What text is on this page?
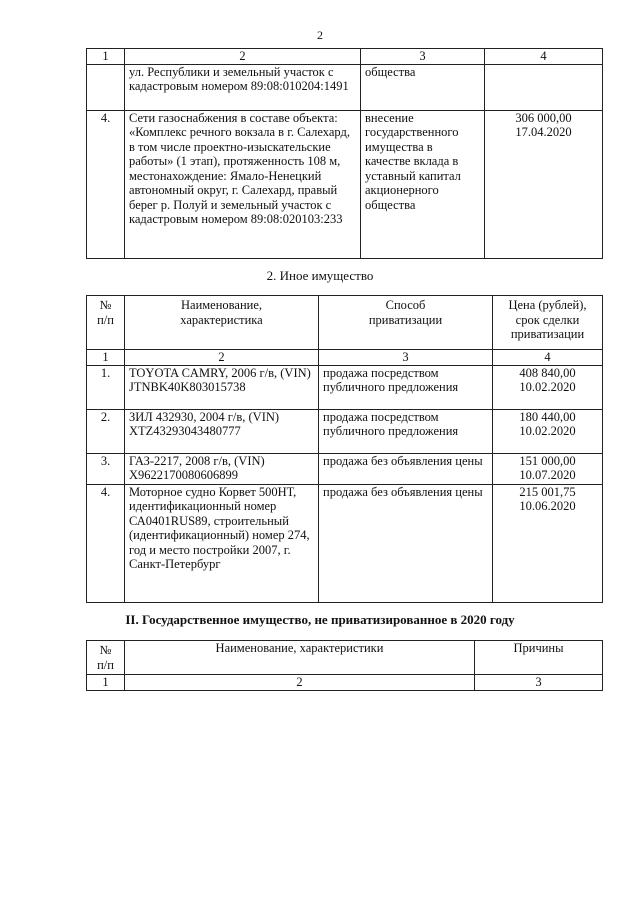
2
1	2	3	4
	ул. Республики и земельный участок с кадастровым номером 89:08:010204:1491	общества	
4.	Сети газоснабжения в составе объекта: «Комплекс речного вокзала в г. Салехард, в том числе проектно-изыскательские работы» (1 этап), протяженность 108 м, местонахождение: Ямало-Ненецкий автономный округ, г. Салехард, правый берег р. Полуй и земельный участок с кадастровым номером 89:08:020103:233	внесение государственного имущества в качестве вклада в уставный капитал акционерного общества	306 000,00
17.04.2020
2. Иное имущество
№ п/п	Наименование, характеристика	Способ приватизации	Цена (рублей), срок сделки приватизации
1	2	3	4
1.	TOYOTA CAMRY, 2006 г/в, (VIN) JTNBK40K803015738	продажа посредством публичного предложения	408 840,00
10.02.2020

2.	ЗИЛ 432930, 2004 г/в, (VIN) XTZ43293043480777	продажа посредством публичного предложения	180 440,00
10.02.2020

3.	ГАЗ-2217, 2008 г/в, (VIN) X9622170080606899	продажа без объявления цены	151 000,00
10.07.2020

4.	Моторное судно Корвет 500НТ, идентификационный номер СА0401RUS89, строительный (идентификационный) номер 274, год и место постройки 2007, г. Санкт-Петербург	продажа без объявления цены	215 001,75
10.06.2020
II. Государственное имущество, не приватизированное в 2020 году
№ п/п	Наименование, характеристики	Причины
1	2	3
